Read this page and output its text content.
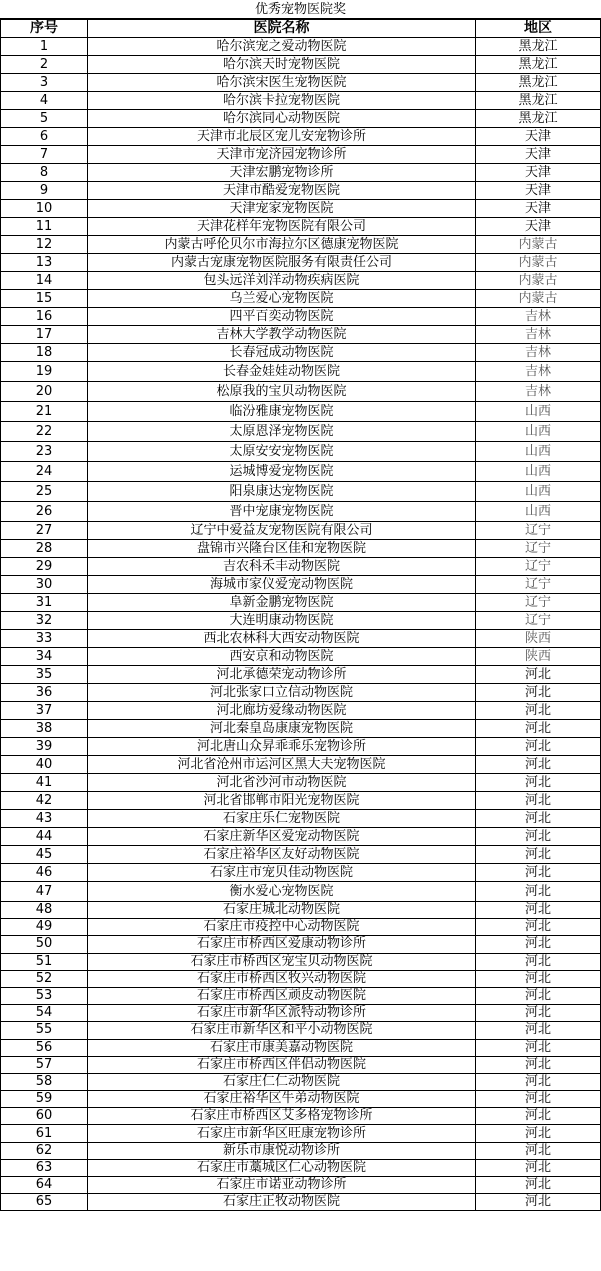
优秀宠物医院奖
序号	医院名称	地区
1	哈尔滨宠之爱动物医院	黑龙江
2	哈尔滨天时宠物医院	黑龙江
3	哈尔滨宋医生宠物医院	黑龙江
4	哈尔滨卡拉宠物医院	黑龙江
5	哈尔滨同心动物医院	黑龙江
6	天津市北辰区宠儿安宠物诊所	天津
7	天津市宠济园宠物诊所	天津
8	天津宏鹏宠物诊所	天津
9	天津市酷爱宠物医院	天津
10	天津宠家宠物医院	天津
11	天津花样年宠物医院有限公司	天津
12	内蒙古呼伦贝尔市海拉尔区德康宠物医院	内蒙古
13	内蒙古宠康宠物医院服务有限责任公司	内蒙古
14	包头远洋刘洋动物疾病医院	内蒙古
15	乌兰爱心宠物医院	内蒙古
16	四平百奕动物医院	吉林
17	吉林大学教学动物医院	吉林
18	长春冠成动物医院	吉林
19	长春金娃娃动物医院	吉林
20	松原我的宝贝动物医院	吉林
21	临汾雅康宠物医院	山西
22	太原恩泽宠物医院	山西
23	太原安安宠物医院	山西
24	运城博爱宠物医院	山西
25	阳泉康达宠物医院	山西
26	晋中宠康宠物医院	山西
27	辽宁中爱益友宠物医院有限公司	辽宁
28	盘锦市兴隆台区佳和宠物医院	辽宁
29	吉农科禾丰动物医院	辽宁
30	海城市家仪爱宠动物医院	辽宁
31	阜新金鹏宠物医院	辽宁
32	大连明康动物医院	辽宁
33	西北农林科大西安动物医院	陕西
34	西安京和动物医院	陕西
35	河北承德荣宠动物诊所	河北
36	河北张家口立信动物医院	河北
37	河北廊坊爱缘动物医院	河北
38	河北秦皇岛康康宠物医院	河北
39	河北唐山众昇乖乖乐宠物诊所	河北
40	河北省沧州市运河区黑大夫宠物医院	河北
41	河北省沙河市动物医院	河北
42	河北省邯郸市阳光宠物医院	河北
43	石家庄乐仁宠物医院	河北
44	石家庄新华区爱宠动物医院	河北
45	石家庄裕华区友好动物医院	河北
46	石家庄市宠贝佳动物医院	河北
47	衡水爱心宠物医院	河北
48	石家庄城北动物医院	河北
49	石家庄市疫控中心动物医院	河北
50	石家庄市桥西区爱康动物诊所	河北
51	石家庄市桥西区宠宝贝动物医院	河北
52	石家庄市桥西区牧兴动物医院	河北
53	石家庄市桥西区顽皮动物医院	河北
54	石家庄市新华区派特动物诊所	河北
55	石家庄市新华区和平小动物医院	河北
56	石家庄市康美嘉动物医院	河北
57	石家庄市桥西区伴侣动物医院	河北
58	石家庄仁仁动物医院	河北
59	石家庄裕华区牛弟动物医院	河北
60	石家庄市桥西区艾多格宠物诊所	河北
61	石家庄市新华区旺康宠物诊所	河北
62	新乐市康悦动物诊所	河北
63	石家庄市藁城区仁心动物医院	河北
64	石家庄市诺亚动物诊所	河北
65	石家庄正牧动物医院	河北
